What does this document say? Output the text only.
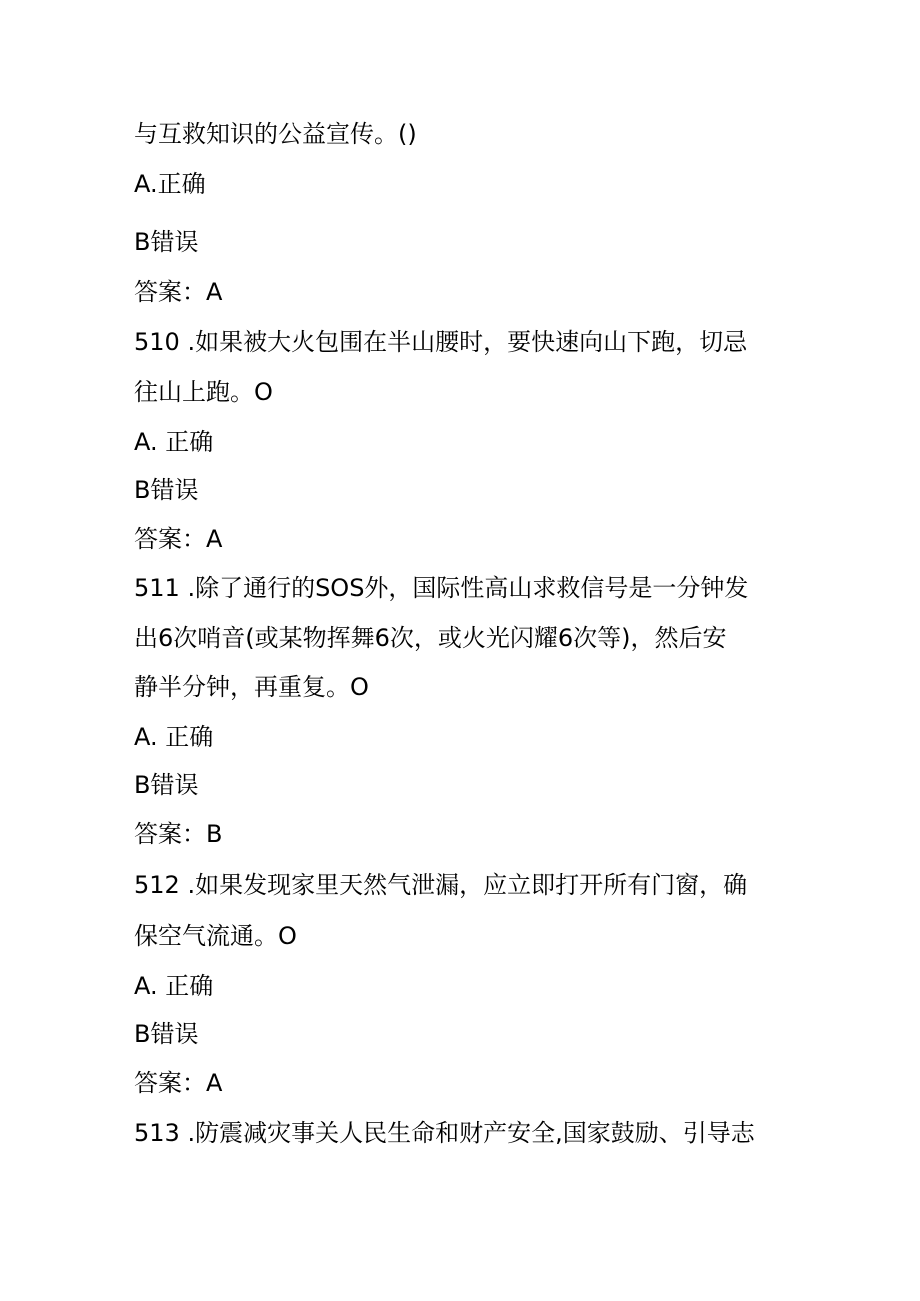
与互救知识的公益宣传。()
A.正确
B错误
答案：A
510 .如果被大火包围在半山腰时，要快速向山下跑，切忌
往山上跑。O
A. 正确
B错误
答案：A
511 .除了通行的SOS外，国际性高山求救信号是一分钟发
出6次哨音(或某物挥舞6次，或火光闪耀6次等)，然后安
静半分钟，再重复。O
A. 正确
B错误
答案：B
512 .如果发现家里天然气泄漏，应立即打开所有门窗，确
保空气流通。O
A. 正确
B错误
答案：A
513 .防震减灾事关人民生命和财产安全,国家鼓励、引导志
